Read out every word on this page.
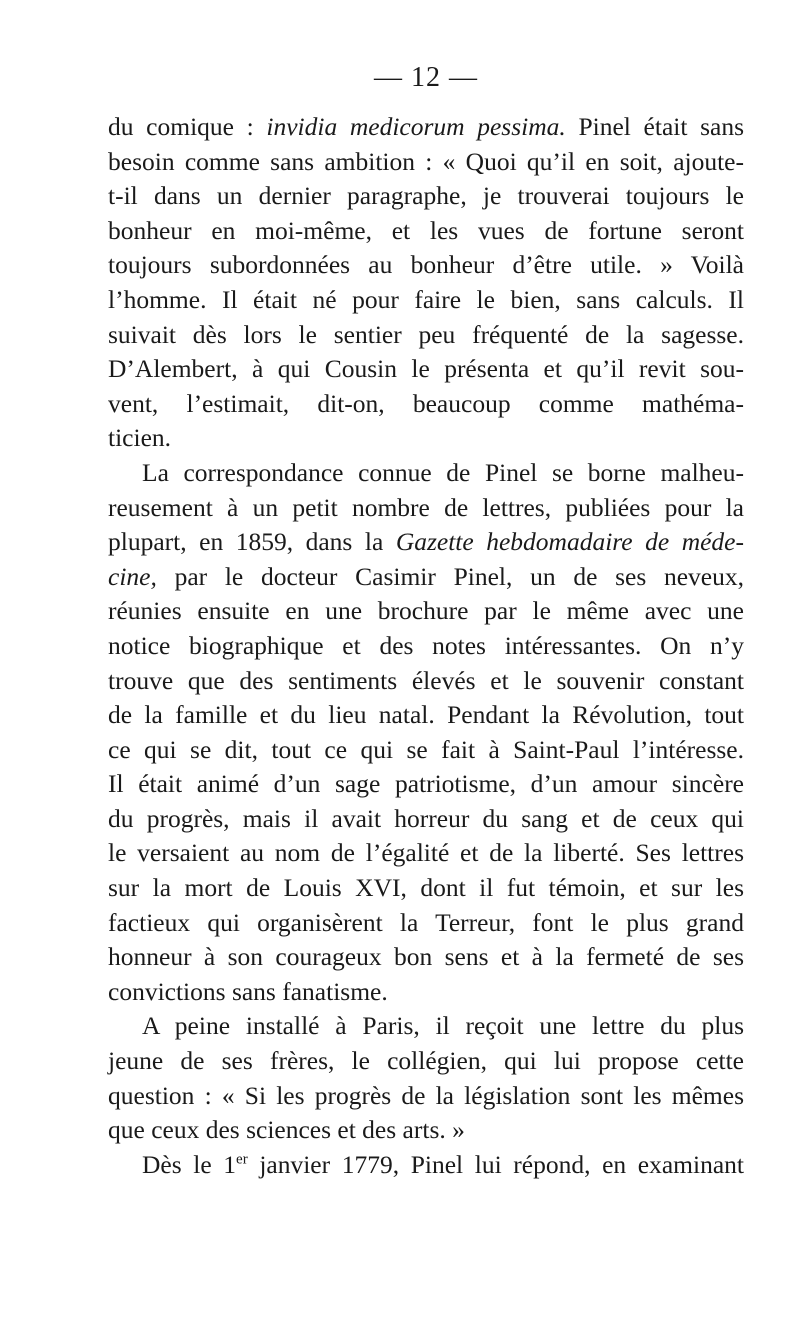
— 12 —
du comique : invidia medicorum pessima. Pinel était sans
besoin comme sans ambition : « Quoi qu’il en soit, ajoute-
t-il dans un dernier paragraphe, je trouverai toujours le
bonheur en moi-même, et les vues de fortune seront
toujours subordonnées au bonheur d’être utile. » Voilà
l’homme. Il était né pour faire le bien, sans calculs. Il
suivait dès lors le sentier peu fréquenté de la sagesse.
D’Alembert, à qui Cousin le présenta et qu’il revit sou-
vent, l’estimait, dit-on, beaucoup comme mathéma-
ticien.
La correspondance connue de Pinel se borne malheu-
reusement à un petit nombre de lettres, publiées pour la
plupart, en 1859, dans la Gazette hebdomadaire de méde-
cine, par le docteur Casimir Pinel, un de ses neveux,
réunies ensuite en une brochure par le même avec une
notice biographique et des notes intéressantes. On n’y
trouve que des sentiments élevés et le souvenir constant
de la famille et du lieu natal. Pendant la Révolution, tout
ce qui se dit, tout ce qui se fait à Saint-Paul l’intéresse.
Il était animé d’un sage patriotisme, d’un amour sincère
du progrès, mais il avait horreur du sang et de ceux qui
le versaient au nom de l’égalité et de la liberté. Ses lettres
sur la mort de Louis XVI, dont il fut témoin, et sur les
factieux qui organisèrent la Terreur, font le plus grand
honneur à son courageux bon sens et à la fermeté de ses
convictions sans fanatisme.
A peine installé à Paris, il reçoit une lettre du plus
jeune de ses frères, le collégien, qui lui propose cette
question : « Si les progrès de la législation sont les mêmes
que ceux des sciences et des arts. »
Dès le 1er janvier 1779, Pinel lui répond, en examinant
